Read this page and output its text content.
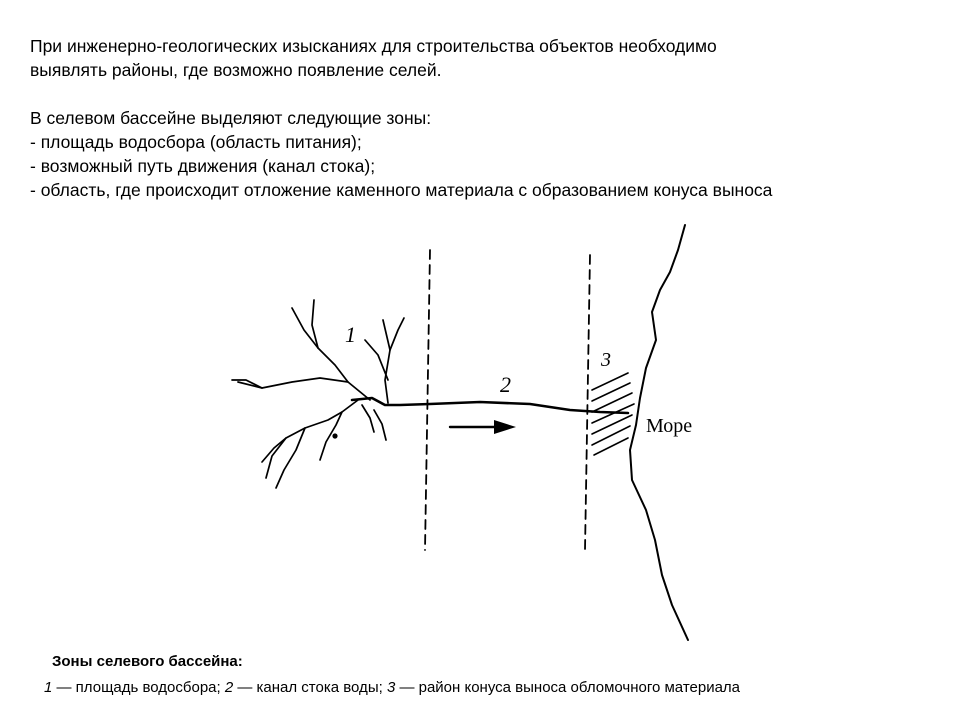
При инженерно-геологических изысканиях для строительства объектов необходимо

выявлять районы, где возможно появление селей.

В селевом бассейне выделяют следующие зоны:

- площадь водосбора (область питания);

- возможный путь движения (канал стока);

- область, где происходит отложение каменного материала с образованием конуса выноса

1
2
3
Море
Зоны селевого бассейна:
1 — площадь водосбора; 2 — канал стока воды; 3 — район конуса выноса обломочного материала
